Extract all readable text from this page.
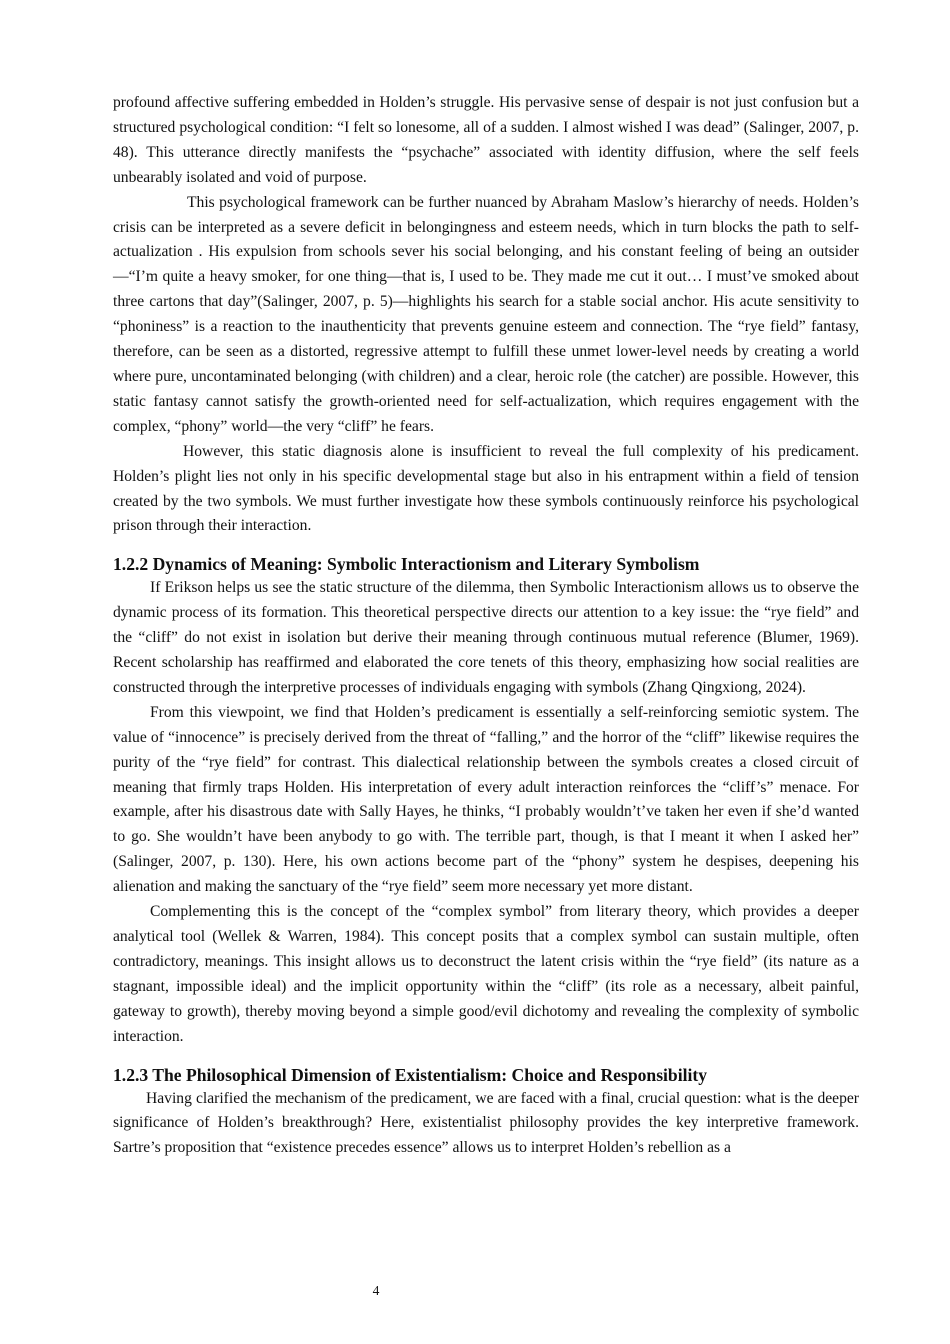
profound affective suffering embedded in Holden’s struggle. His pervasive sense of despair is not just confusion but a structured psychological condition: “I felt so lonesome, all of a sudden. I almost wished I was dead” (Salinger, 2007, p. 48). This utterance directly manifests the “psychache” associated with identity diffusion, where the self feels unbearably isolated and void of purpose.

This psychological framework can be further nuanced by Abraham Maslow’s hierarchy of needs. Holden’s crisis can be interpreted as a severe deficit in belongingness and esteem needs, which in turn blocks the path to self-actualization . His expulsion from schools sever his social belonging, and his constant feeling of being an outsider—“I’m quite a heavy smoker, for one thing—that is, I used to be. They made me cut it out… I must’ve smoked about three cartons that day”(Salinger, 2007, p. 5)—highlights his search for a stable social anchor. His acute sensitivity to “phoniness” is a reaction to the inauthenticity that prevents genuine esteem and connection. The “rye field” fantasy, therefore, can be seen as a distorted, regressive attempt to fulfill these unmet lower-level needs by creating a world where pure, uncontaminated belonging (with children) and a clear, heroic role (the catcher) are possible. However, this static fantasy cannot satisfy the growth-oriented need for self-actualization, which requires engagement with the complex, “phony” world—the very “cliff” he fears.

However, this static diagnosis alone is insufficient to reveal the full complexity of his predicament. Holden’s plight lies not only in his specific developmental stage but also in his entrapment within a field of tension created by the two symbols. We must further investigate how these symbols continuously reinforce his psychological prison through their interaction.

1.2.2 Dynamics of Meaning: Symbolic Interactionism and Literary Symbolism

If Erikson helps us see the static structure of the dilemma, then Symbolic Interactionism allows us to observe the dynamic process of its formation. This theoretical perspective directs our attention to a key issue: the “rye field” and the “cliff” do not exist in isolation but derive their meaning through continuous mutual reference (Blumer, 1969). Recent scholarship has reaffirmed and elaborated the core tenets of this theory, emphasizing how social realities are constructed through the interpretive processes of individuals engaging with symbols (Zhang Qingxiong, 2024).

From this viewpoint, we find that Holden’s predicament is essentially a self-reinforcing semiotic system. The value of “innocence” is precisely derived from the threat of “falling,” and the horror of the “cliff” likewise requires the purity of the “rye field” for contrast. This dialectical relationship between the symbols creates a closed circuit of meaning that firmly traps Holden. His interpretation of every adult interaction reinforces the “cliff’s” menace. For example, after his disastrous date with Sally Hayes, he thinks, “I probably wouldn’t’ve taken her even if she’d wanted to go. She wouldn’t have been anybody to go with. The terrible part, though, is that I meant it when I asked her” (Salinger, 2007, p. 130). Here, his own actions become part of the “phony” system he despises, deepening his alienation and making the sanctuary of the “rye field” seem more necessary yet more distant.

Complementing this is the concept of the “complex symbol” from literary theory, which provides a deeper analytical tool (Wellek & Warren, 1984). This concept posits that a complex symbol can sustain multiple, often contradictory, meanings. This insight allows us to deconstruct the latent crisis within the “rye field” (its nature as a stagnant, impossible ideal) and the implicit opportunity within the “cliff” (its role as a necessary, albeit painful, gateway to growth), thereby moving beyond a simple good/evil dichotomy and revealing the complexity of symbolic interaction.

1.2.3 The Philosophical Dimension of Existentialism: Choice and Responsibility

Having clarified the mechanism of the predicament, we are faced with a final, crucial question: what is the deeper significance of Holden’s breakthrough? Here, existentialist philosophy provides the key interpretive framework. Sartre’s proposition that “existence precedes essence” allows us to interpret Holden’s rebellion as a

4
